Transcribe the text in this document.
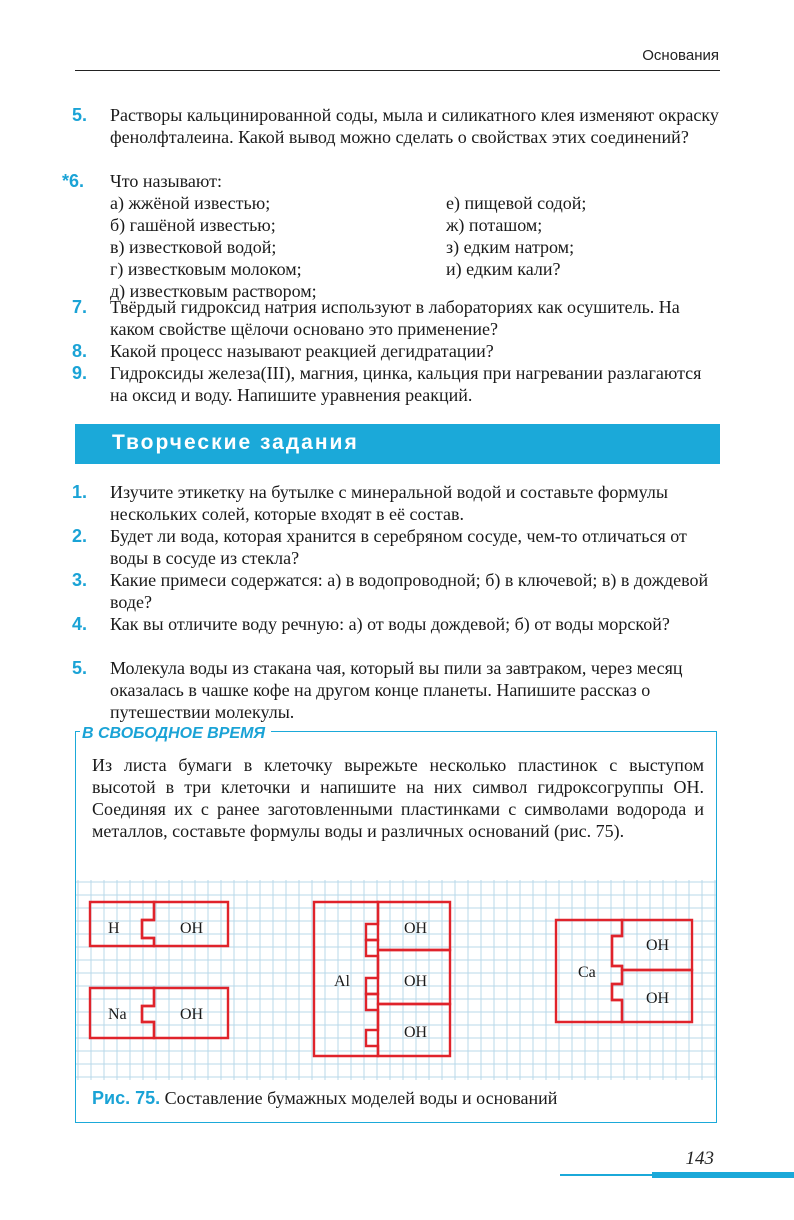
Основания

5. Растворы кальцинированной соды, мыла и силикатного клея изменяют окраску фенолфталеина. Какой вывод можно сделать о свойствах этих соединений?

*6. Что называют:

а) жжёной известью;
б) гашёной известью;
в) известковой водой;
г) известковым молоком;
д) известковым раствором;
е) пищевой содой;
ж) поташом;
з) едким натром;
и) едким кали?

7. Твёрдый гидроксид натрия используют в лабораториях как осушитель. На каком свойстве щёлочи основано это применение?

8. Какой процесс называют реакцией дегидратации?

9. Гидроксиды железа(III), магния, цинка, кальция при нагревании разлагаются на оксид и воду. Напишите уравнения реакций.

Творческие задания

1. Изучите этикетку на бутылке с минеральной водой и составьте формулы нескольких солей, которые входят в её состав.

2. Будет ли вода, которая хранится в серебряном сосуде, чем-то отличаться от воды в сосуде из стекла?

3. Какие примеси содержатся: а) в водопроводной; б) в ключевой; в) в дождевой воде?

4. Как вы отличите воду речную: а) от воды дождевой; б) от воды морской?

5. Молекула воды из стакана чая, который вы пили за завтраком, через месяц оказалась в чашке кофе на другом конце планеты. Напишите рассказ о путешествии молекулы.

В СВОБОДНОЕ ВРЕМЯ

Из листа бумаги в клеточку вырежьте несколько пластинок с выступом высотой в три клеточки и напишите на них символ гидроксогруппы ОН. Соединяя их с ранее заготовленными пластинками с символами водорода и металлов, составьте формулы воды и различных оснований (рис. 75).

H	OH
Na	OH
Al
OH
OH
OH
Ca
OH
OH
Рис. 75. Составление бумажных моделей воды и оснований
143
